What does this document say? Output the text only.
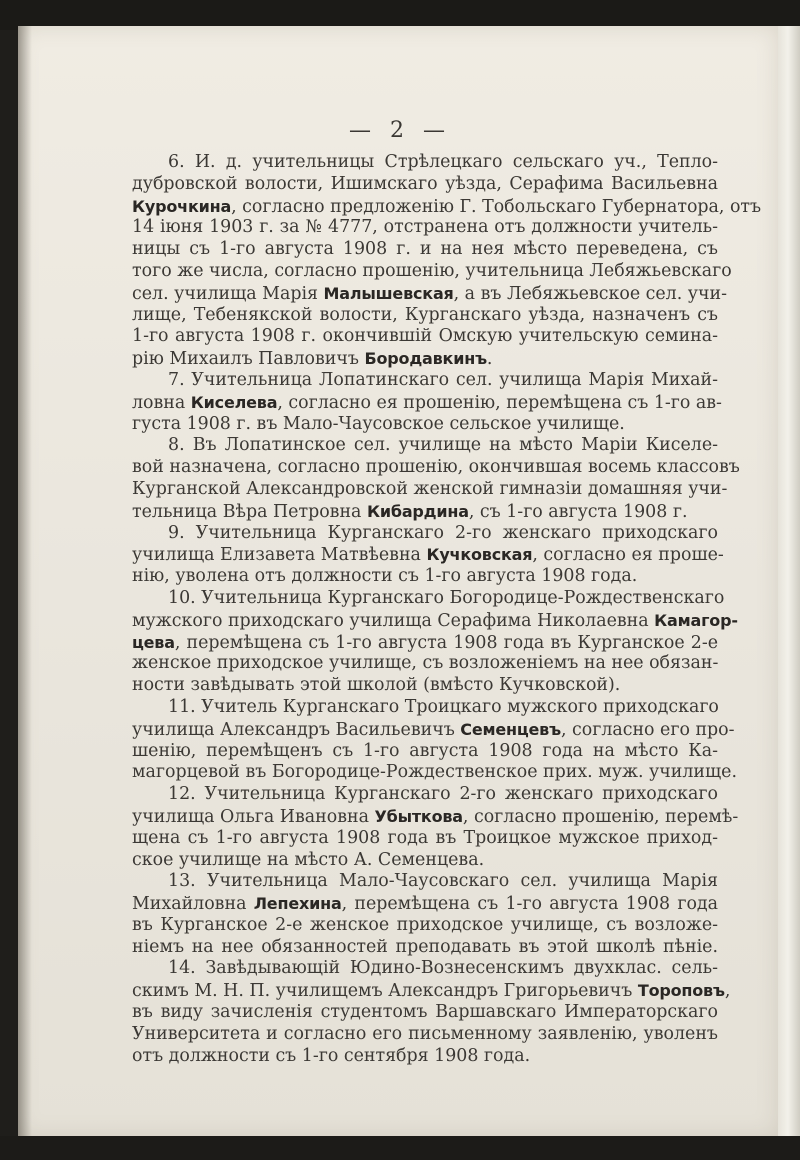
— 2 —
6. И. д. учительницы Стрѣлецкаго сельскаго уч., Тепло-
дубровской волости, Ишимскаго уѣзда, Серафима Васильевна
Курочкина, согласно предложенію Г. Тобольскаго Губернатора, отъ
14 іюня 1903 г. за № 4777, отстранена отъ должности учитель-
ницы съ 1-го августа 1908 г. и на нея мѣсто переведена, съ
того же числа, согласно прошенію, учительница Лебяжьевскаго
сел. училища Марія Малышевская, а въ Лебяжьевское сел. учи-
лище, Тебенякской волости, Курганскаго уѣзда, назначенъ съ
1-го августа 1908 г. окончившій Омскую учительскую семина-
рію Михаилъ Павловичъ Бородавкинъ.
7. Учительница Лопатинскаго сел. училища Марія Михай-
ловна Киселева, согласно ея прошенію, перемѣщена съ 1-го ав-
густа 1908 г. въ Мало-Чаусовское сельское училище.
8. Въ Лопатинское сел. училище на мѣсто Маріи Киселе-
вой назначена, согласно прошенію, окончившая восемь классовъ
Курганской Александровской женской гимназіи домашняя учи-
тельница Вѣра Петровна Кибардина, съ 1-го августа 1908 г.
9. Учительница Курганскаго 2-го женскаго приходскаго
училища Елизавета Матвѣевна Кучковская, согласно ея проше-
нію, уволена отъ должности съ 1-го августа 1908 года.
10. Учительница Курганскаго Богородице-Рождественскаго
мужского приходскаго училища Серафима Николаевна Камагор-
цева, перемѣщена съ 1-го августа 1908 года въ Курганское 2-е
женское приходское училище, съ возложеніемъ на нее обязан-
ности завѣдывать этой школой (вмѣсто Кучковской).
11. Учитель Курганскаго Троицкаго мужского приходскаго
училища Александръ Васильевичъ Семенцевъ, согласно его про-
шенію, перемѣщенъ съ 1-го августа 1908 года на мѣсто Ка-
магорцевой въ Богородице-Рождественское прих. муж. училище.
12. Учительница Курганскаго 2-го женскаго приходскаго
училища Ольга Ивановна Убыткова, согласно прошенію, перемѣ-
щена съ 1-го августа 1908 года въ Троицкое мужское приход-
ское училище на мѣсто А. Семенцева.
13. Учительница Мало-Чаусовскаго сел. училища Марія
Михайловна Лепехина, перемѣщена съ 1-го августа 1908 года
въ Курганское 2-е женское приходское училище, съ возложе-
ніемъ на нее обязанностей преподавать въ этой школѣ пѣніе.
14. Завѣдывающій Юдино-Вознесенскимъ двухклас. сель-
скимъ М. Н. П. училищемъ Александръ Григорьевичъ Тороповъ,
въ виду зачисленія студентомъ Варшавскаго Императорскаго
Университета и согласно его письменному заявленію, уволенъ
отъ должности съ 1-го сентября 1908 года.
